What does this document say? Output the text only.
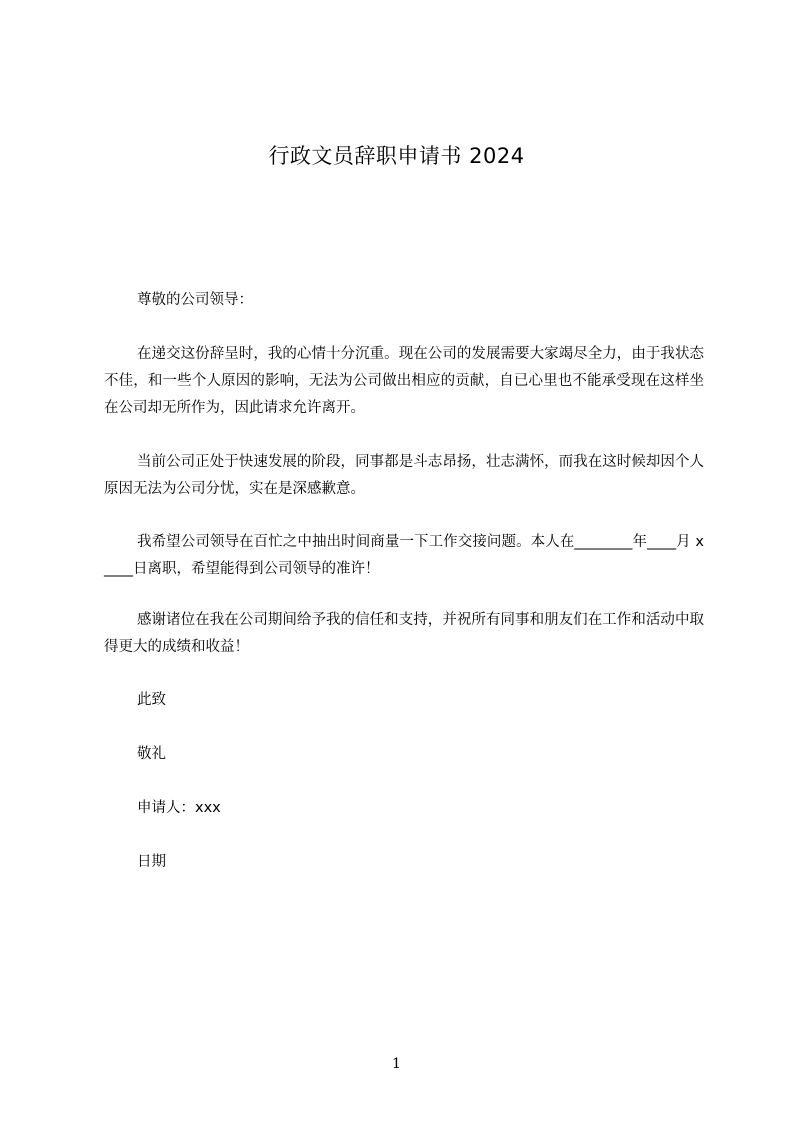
行政文员辞职申请书 2024
尊敬的公司领导：
在递交这份辞呈时，我的心情十分沉重。现在公司的发展需要大家竭尽全力，由于我状态不佳，和一些个人原因的影响，无法为公司做出相应的贡献，自已心里也不能承受现在这样坐在公司却无所作为，因此请求允许离开。
当前公司正处于快速发展的阶段，同事都是斗志昂扬，壮志满怀，而我在这时候却因个人原因无法为公司分忧，实在是深感歉意。
我希望公司领导在百忙之中抽出时间商量一下工作交接问题。本人在________年____月 x____日离职，希望能得到公司领导的准许！
感谢诸位在我在公司期间给予我的信任和支持，并祝所有同事和朋友们在工作和活动中取得更大的成绩和收益！
此致
敬礼
申请人：xxx
日期
1
